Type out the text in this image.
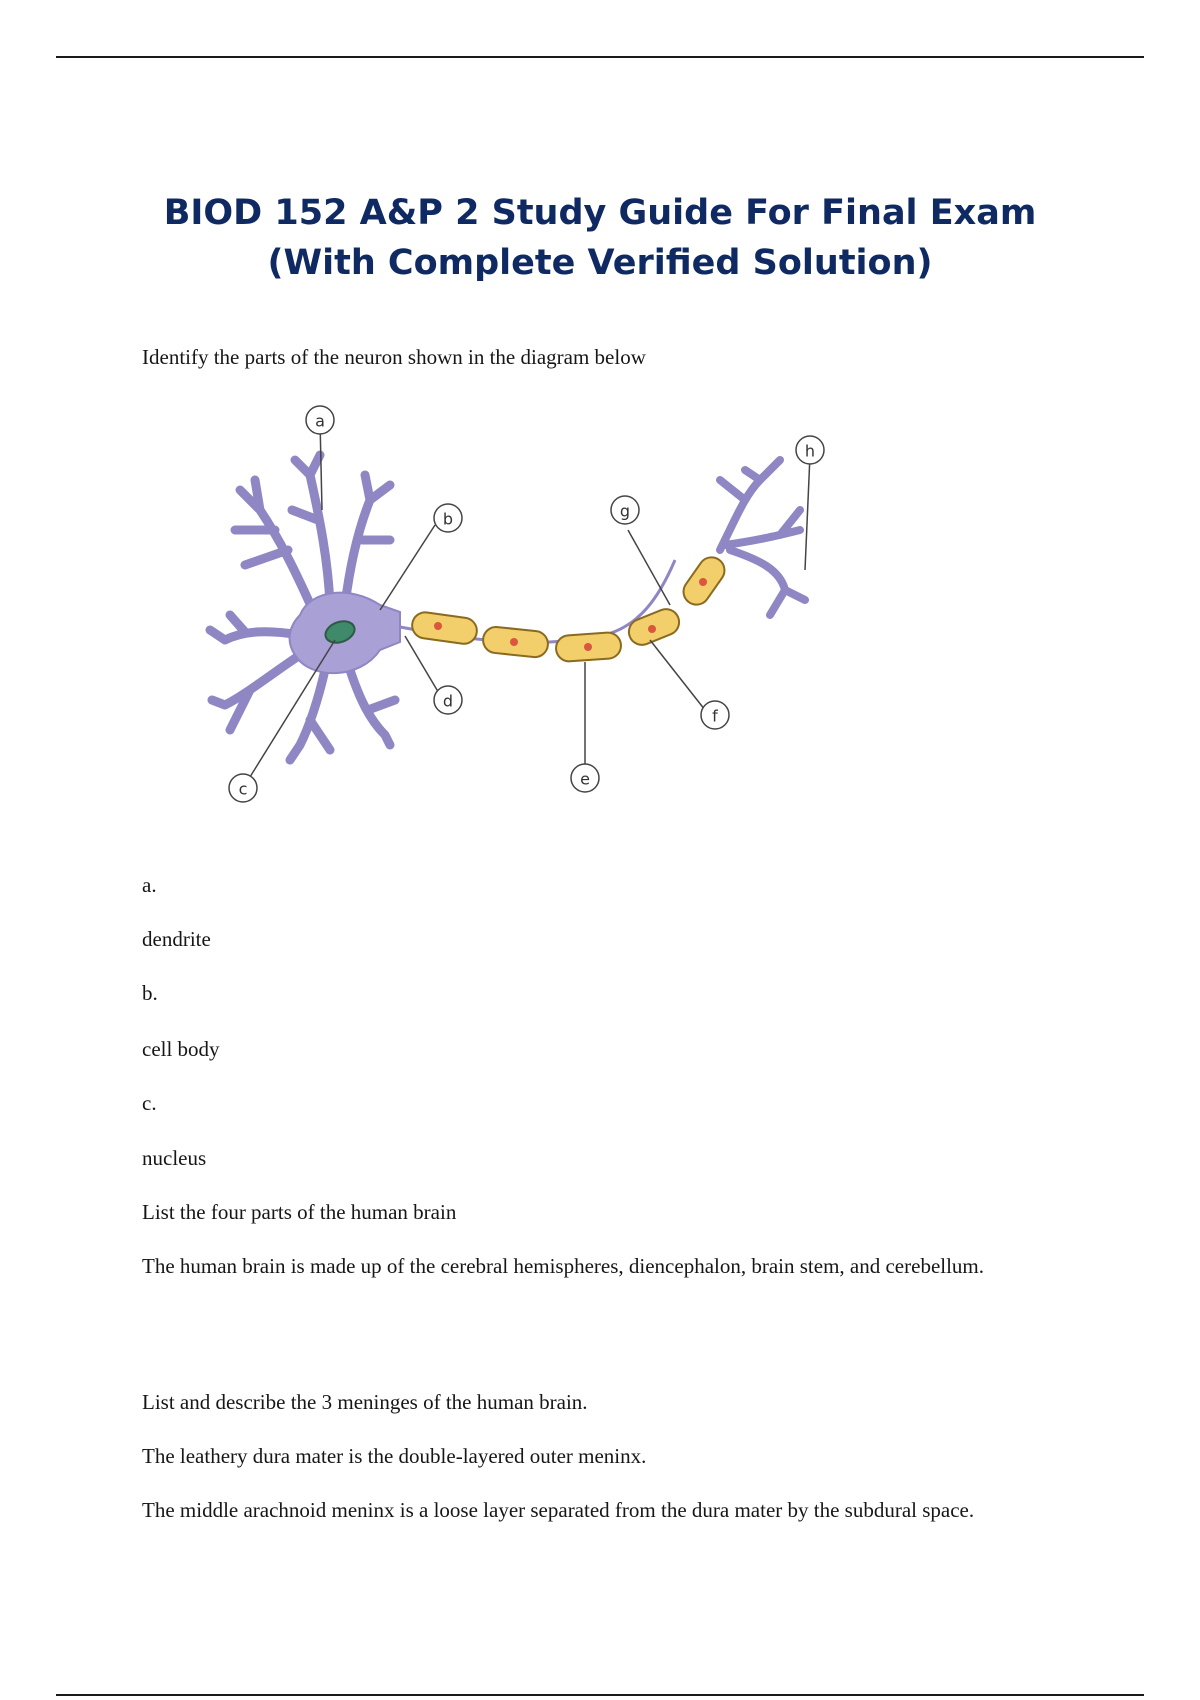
BIOD 152 A&P 2 Study Guide For Final Exam
(With Complete Verified Solution)

Identify the parts of the neuron shown in the diagram below

a
b
c
d
e
f
g
h

a.

dendrite

b.

cell body

c.

nucleus

List the four parts of the human brain

The human brain is made up of the cerebral hemispheres, diencephalon, brain stem, and cerebellum.

List and describe the 3 meninges of the human brain.

The leathery dura mater is the double-layered outer meninx.

The middle arachnoid meninx is a loose layer separated from the dura mater by the subdural space.
